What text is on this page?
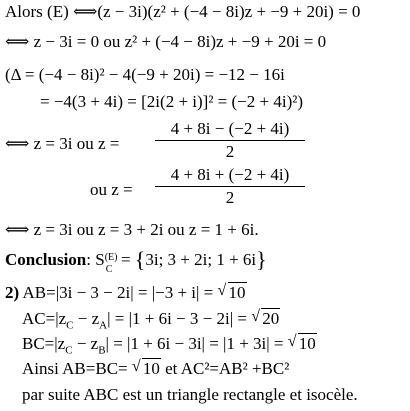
Alors (E) ⟺(z − 3i)(z² + (−4 − 8i)z + −9 + 20i) = 0
⟺ z − 3i = 0 ou z² + (−4 − 8i)z + −9 + 20i = 0
(Δ = (−4 − 8i)² − 4(−9 + 20i) = −12 − 16i
= −4(3 + 4i) = [2i(2 + i)]² = (−2 + 4i)²)
⟺ z = 3i ou z =
4 + 8i − (−2 + 4i)
2
ou z =
4 + 8i + (−2 + 4i)
2
⟺ z = 3i ou z = 3 + 2i ou z = 1 + 6i.
Conclusion: S (E)
C
= {3i; 3 + 2i; 1 + 6i}
2) AB=|3i − 3 − 2i| = |−3 + i| = √ 10
$AC=|z_C - z_A| = |1 + 6i - 3 - 2i|$ = √ 20
$BC=|z_C - z_B| = |1 + 6i - 3i| = |1 + 3i|$ = √ 10
Ainsi AB=BC= √ 10 et AC²=AB² +BC²
par suite ABC est un triangle rectangle et isocèle.
